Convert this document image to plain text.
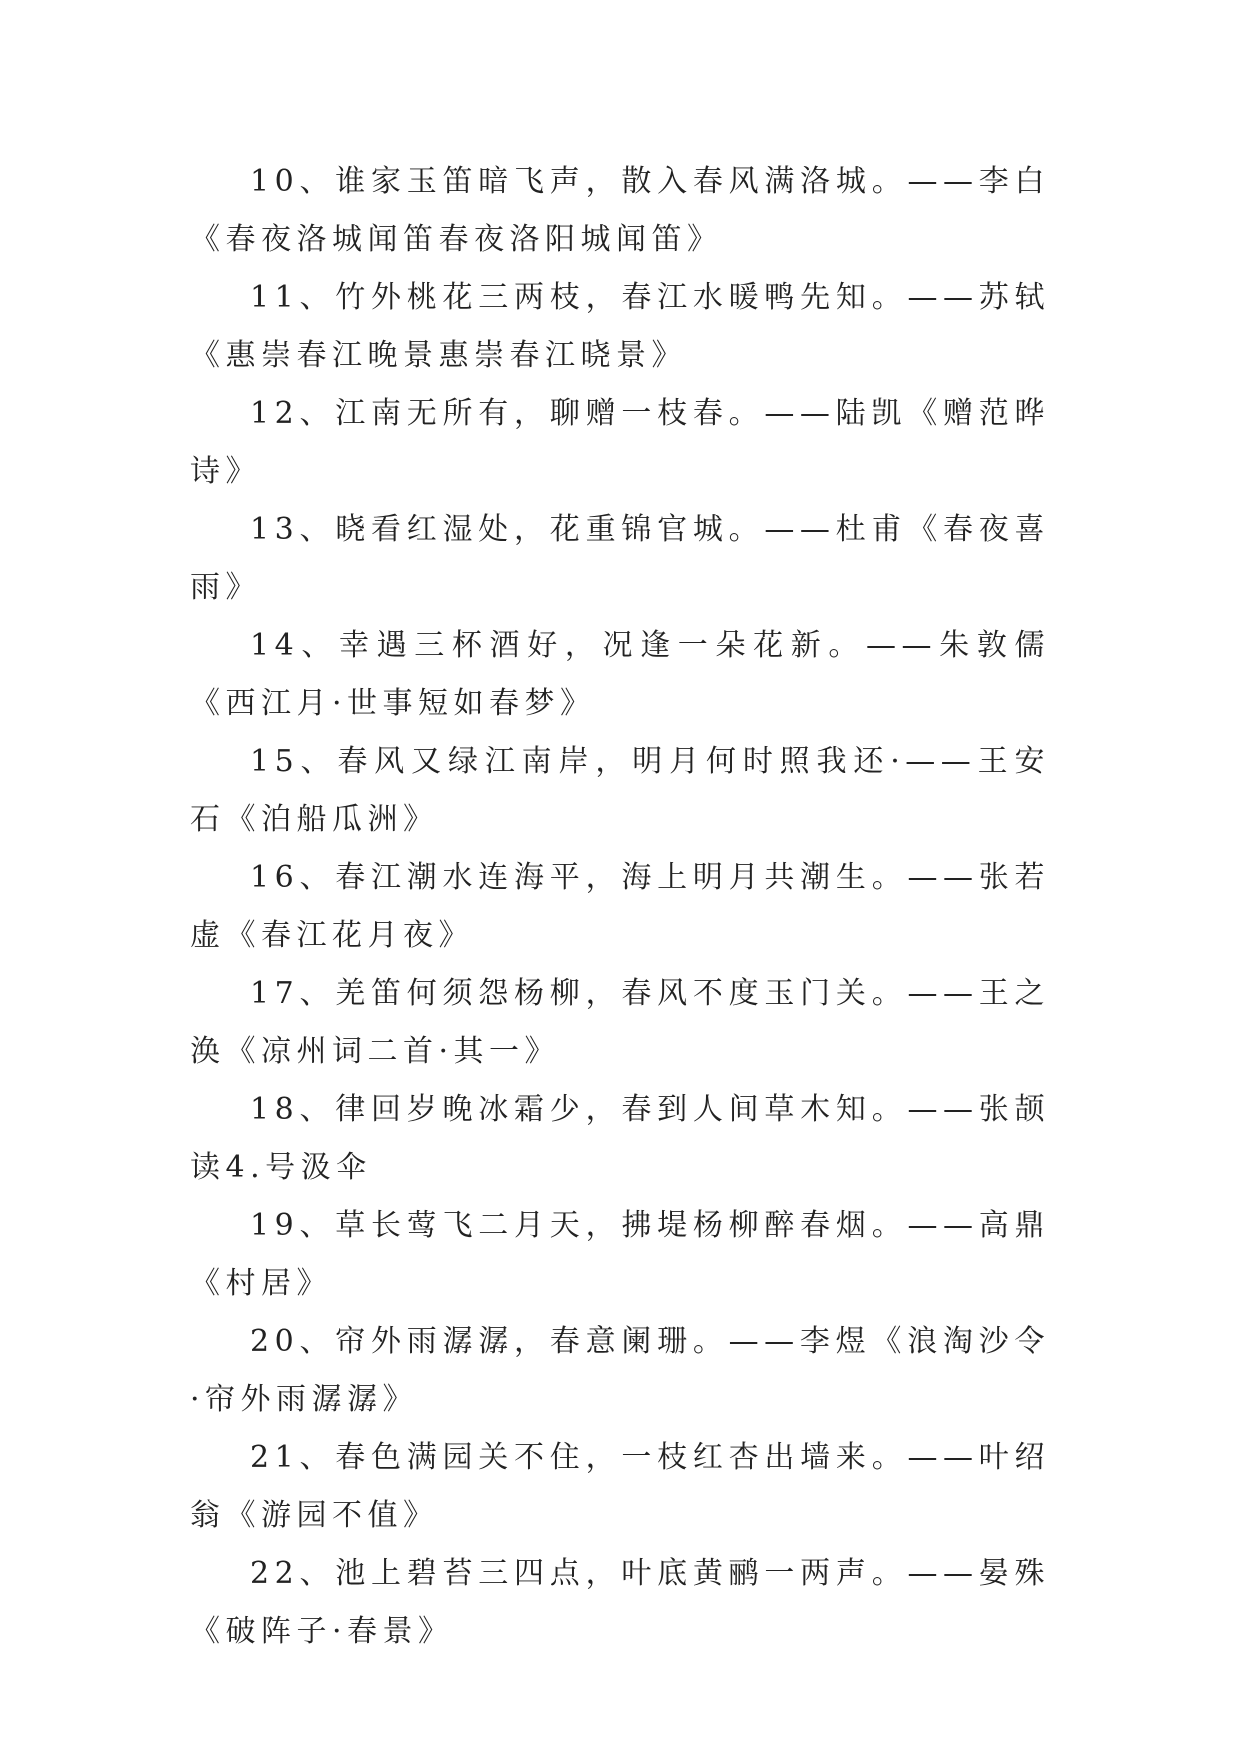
10、谁家玉笛暗飞声，散入春风满洛城。——李白《春夜洛城闻笛春夜洛阳城闻笛》

11、竹外桃花三两枝，春江水暖鸭先知。——苏轼《惠崇春江晚景惠崇春江晓景》

12、江南无所有，聊赠一枝春。——陆凯《赠范晔诗》

13、晓看红湿处，花重锦官城。——杜甫《春夜喜雨》

14、幸遇三杯酒好，况逢一朵花新。——朱敦儒《西江月·世事短如春梦》

15、春风又绿江南岸，明月何时照我还·——王安石《泊船瓜洲》

16、春江潮水连海平，海上明月共潮生。——张若虚《春江花月夜》

17、羌笛何须怨杨柳，春风不度玉门关。——王之涣《凉州词二首·其一》

18、律回岁晚冰霜少，春到人间草木知。——张颉读4.号汲伞

19、草长莺飞二月天，拂堤杨柳醉春烟。——高鼎《村居》

20、帘外雨潺潺，春意阑珊。——李煜《浪淘沙令·帘外雨潺潺》

21、春色满园关不住，一枝红杏出墙来。——叶绍翁《游园不值》

22、池上碧苔三四点，叶底黄鹂一两声。——晏殊《破阵子·春景》
